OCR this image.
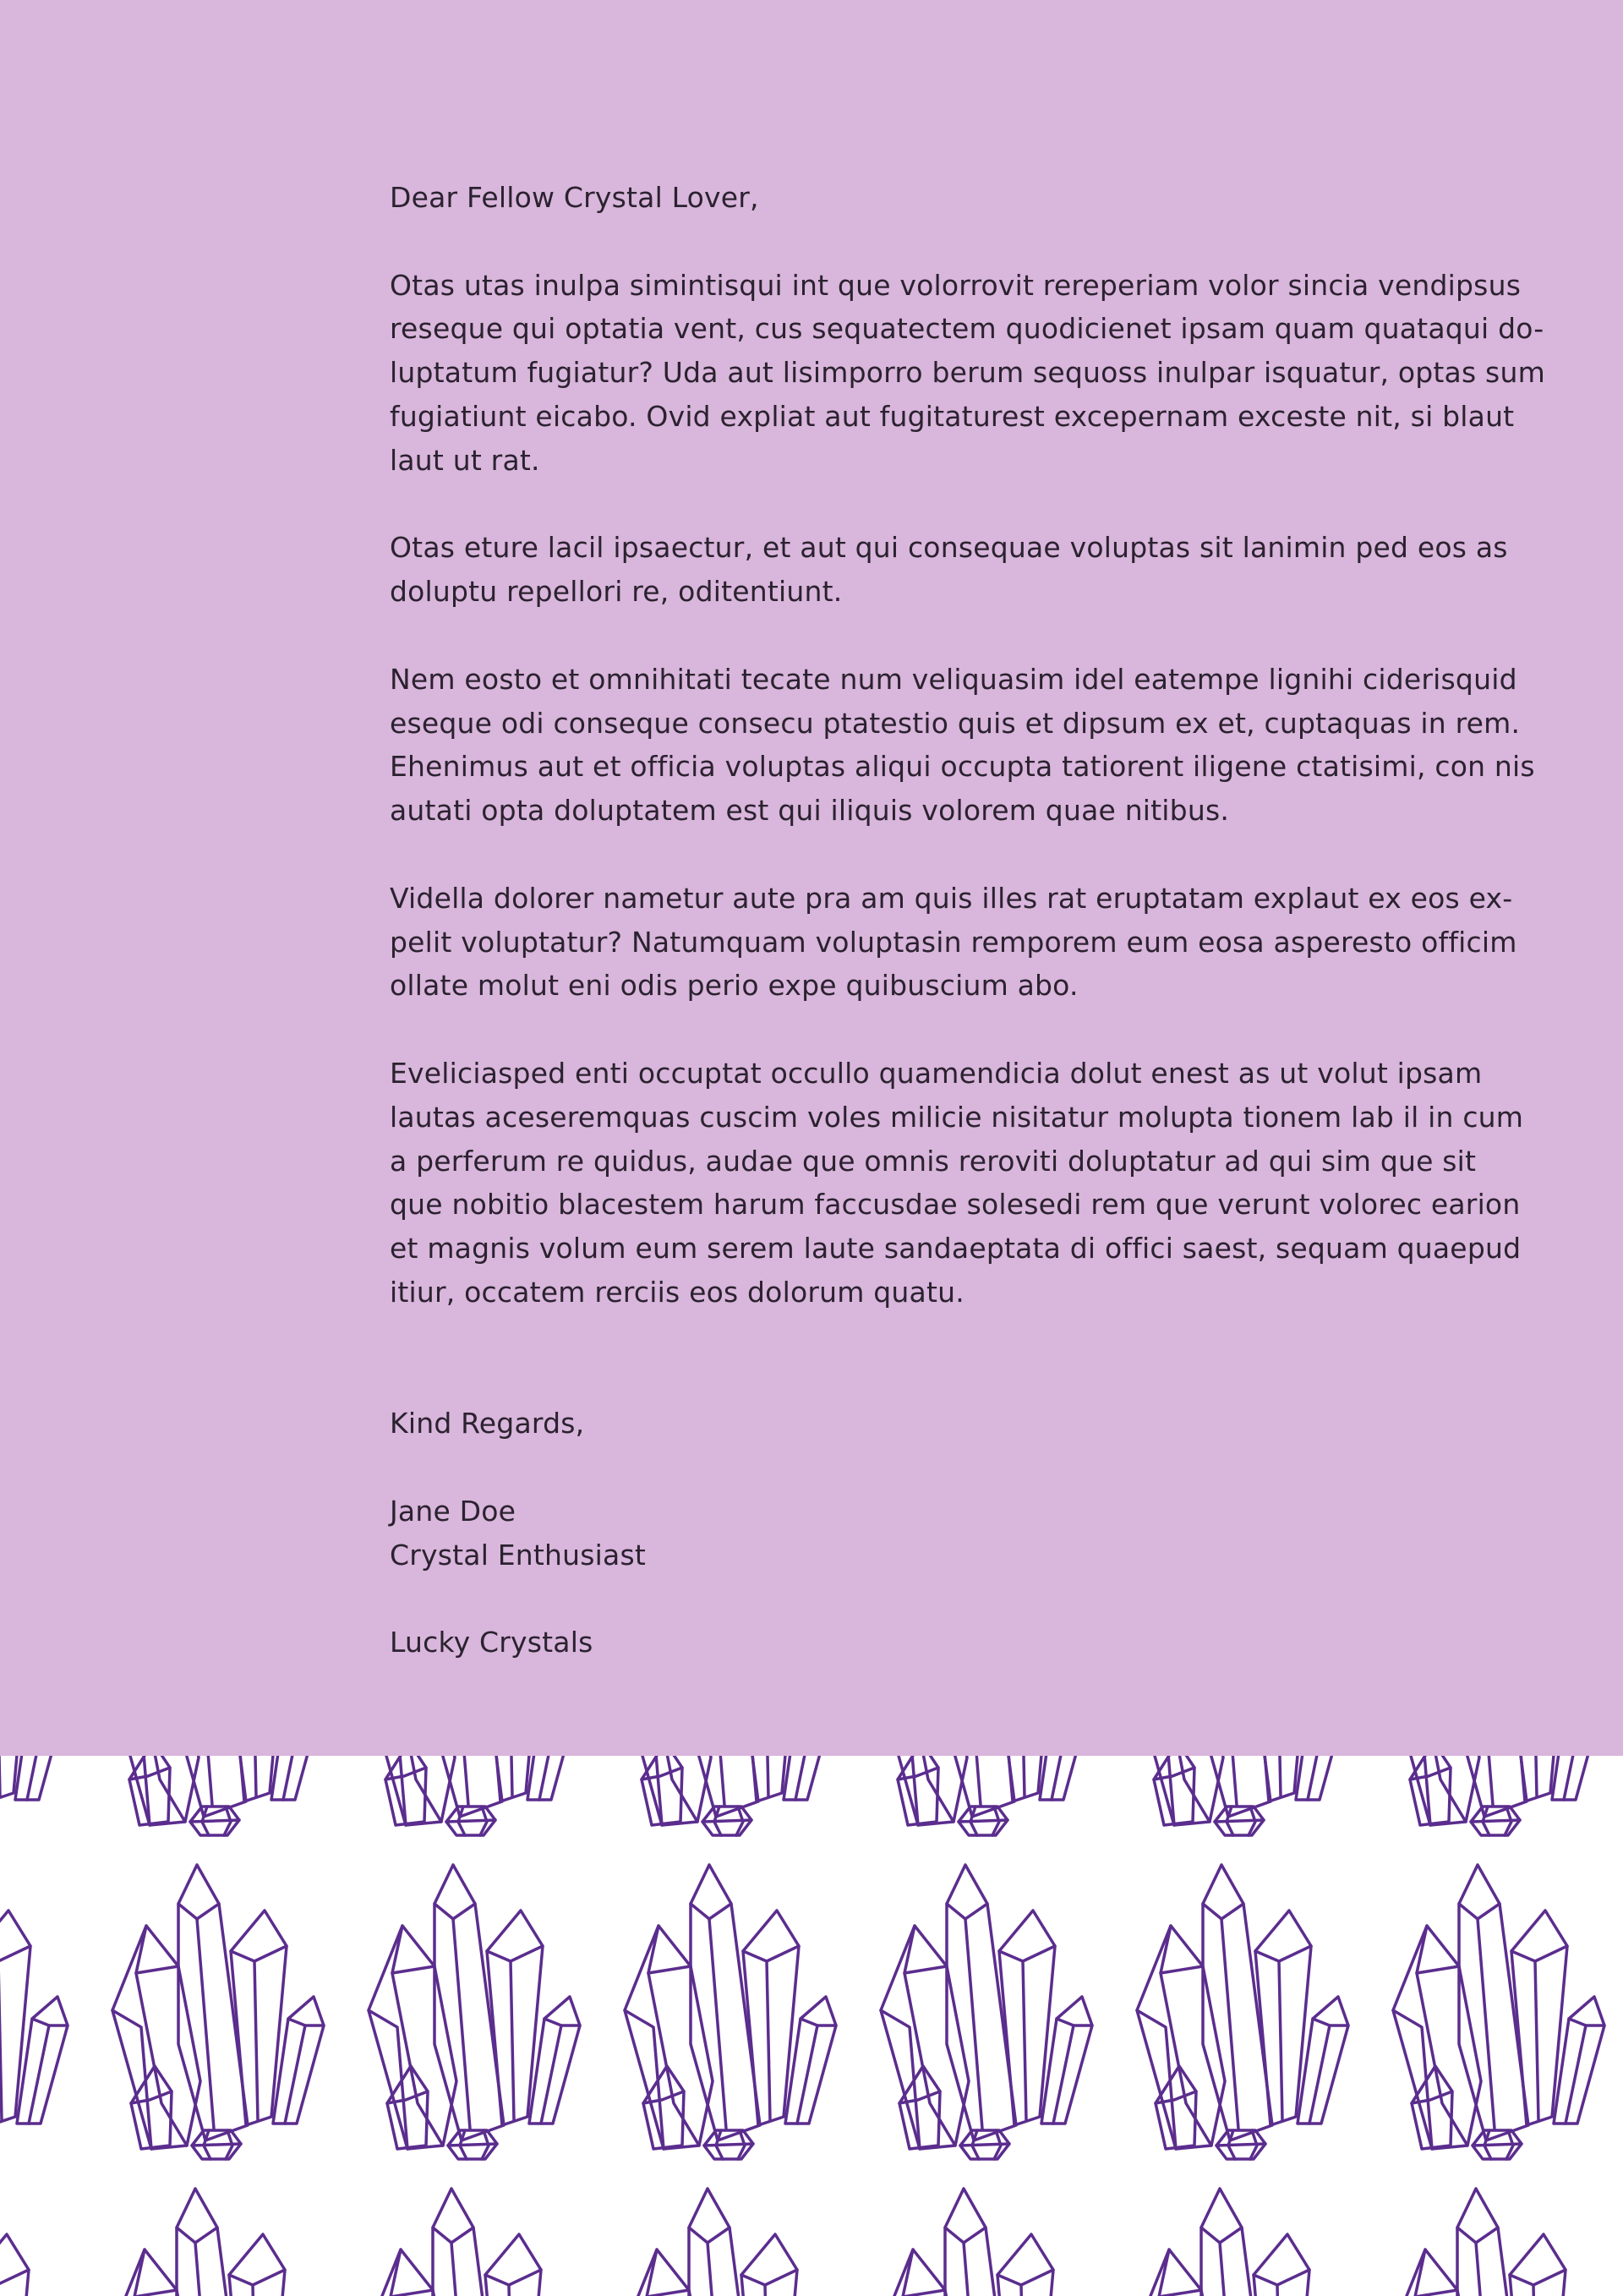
Dear Fellow Crystal Lover,

Otas utas inulpa simintisqui int que volorrovit rereperiam volor sincia vendipsus
reseque qui optatia vent, cus sequatectem quodicienet ipsam quam quataqui do-
luptatum fugiatur? Uda aut lisimporro berum sequoss inulpar isquatur, optas sum
fugiatiunt eicabo. Ovid expliat aut fugitaturest excepernam exceste nit, si blaut
laut ut rat.

Otas eture lacil ipsaectur, et aut qui consequae voluptas sit lanimin ped eos as
doluptu repellori re, oditentiunt.

Nem eosto et omnihitati tecate num veliquasim idel eatempe lignihi ciderisquid
eseque odi conseque consecu ptatestio quis et dipsum ex et, cuptaquas in rem.
Ehenimus aut et officia voluptas aliqui occupta tatiorent iligene ctatisimi, con nis
autati opta doluptatem est qui iliquis volorem quae nitibus.

Vidella dolorer nametur aute pra am quis illes rat eruptatam explaut ex eos ex-
pelit voluptatur? Natumquam voluptasin remporem eum eosa asperesto officim
ollate molut eni odis perio expe quibuscium abo.

Eveliciasped enti occuptat occullo quamendicia dolut enest as ut volut ipsam
lautas aceseremquas cuscim voles milicie nisitatur molupta tionem lab il in cum
a perferum re quidus, audae que omnis reroviti doluptatur ad qui sim que sit
que nobitio blacestem harum faccusdae solesedi rem que verunt volorec earion
et magnis volum eum serem laute sandaeptata di offici saest, sequam quaepud
itiur, occatem rerciis eos dolorum quatu.

Kind Regards,

Jane Doe

Crystal Enthusiast

Lucky Crystals
